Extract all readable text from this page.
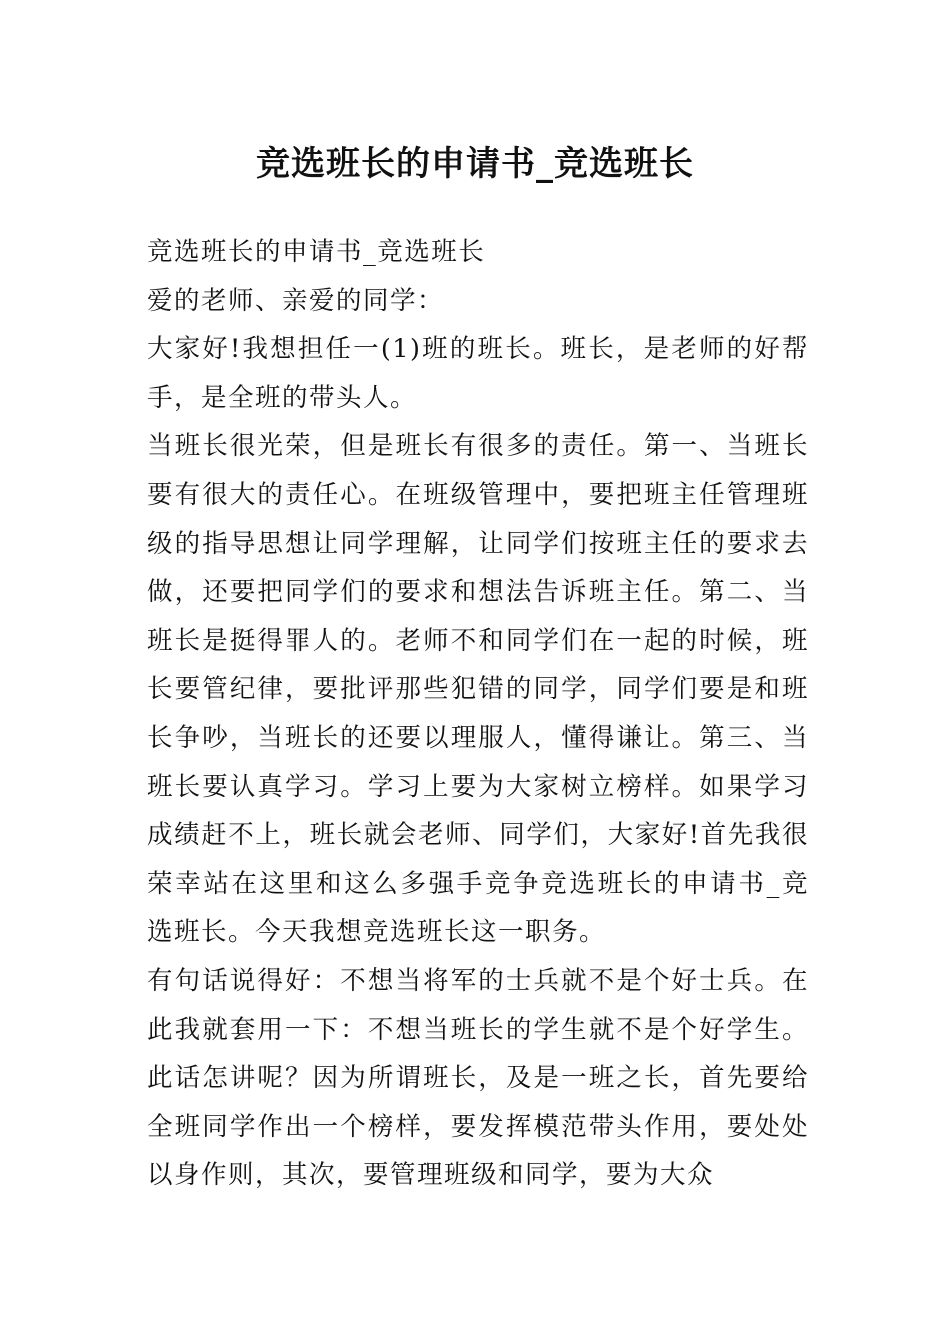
竞选班长的申请书_竞选班长

竞选班长的申请书_竞选班长

爱的老师、亲爱的同学：

大家好!我想担任一(1)班的班长。班长，是老师的好帮手，是全班的带头人。

当班长很光荣，但是班长有很多的责任。第一、当班长要有很大的责任心。在班级管理中，要把班主任管理班级的指导思想让同学理解，让同学们按班主任的要求去做，还要把同学们的要求和想法告诉班主任。第二、当班长是挺得罪人的。老师不和同学们在一起的时候，班长要管纪律，要批评那些犯错的同学，同学们要是和班长争吵，当班长的还要以理服人，懂得谦让。第三、当班长要认真学习。学习上要为大家树立榜样。如果学习成绩赶不上，班长就会老师、同学们，大家好!首先我很荣幸站在这里和这么多强手竞争竞选班长的申请书_竞选班长。今天我想竞选班长这一职务。

有句话说得好：不想当将军的士兵就不是个好士兵。在此我就套用一下：不想当班长的学生就不是个好学生。此话怎讲呢？因为所谓班长，及是一班之长，首先要给全班同学作出一个榜样，要发挥模范带头作用，要处处以身作则，其次，要管理班级和同学，要为大众
